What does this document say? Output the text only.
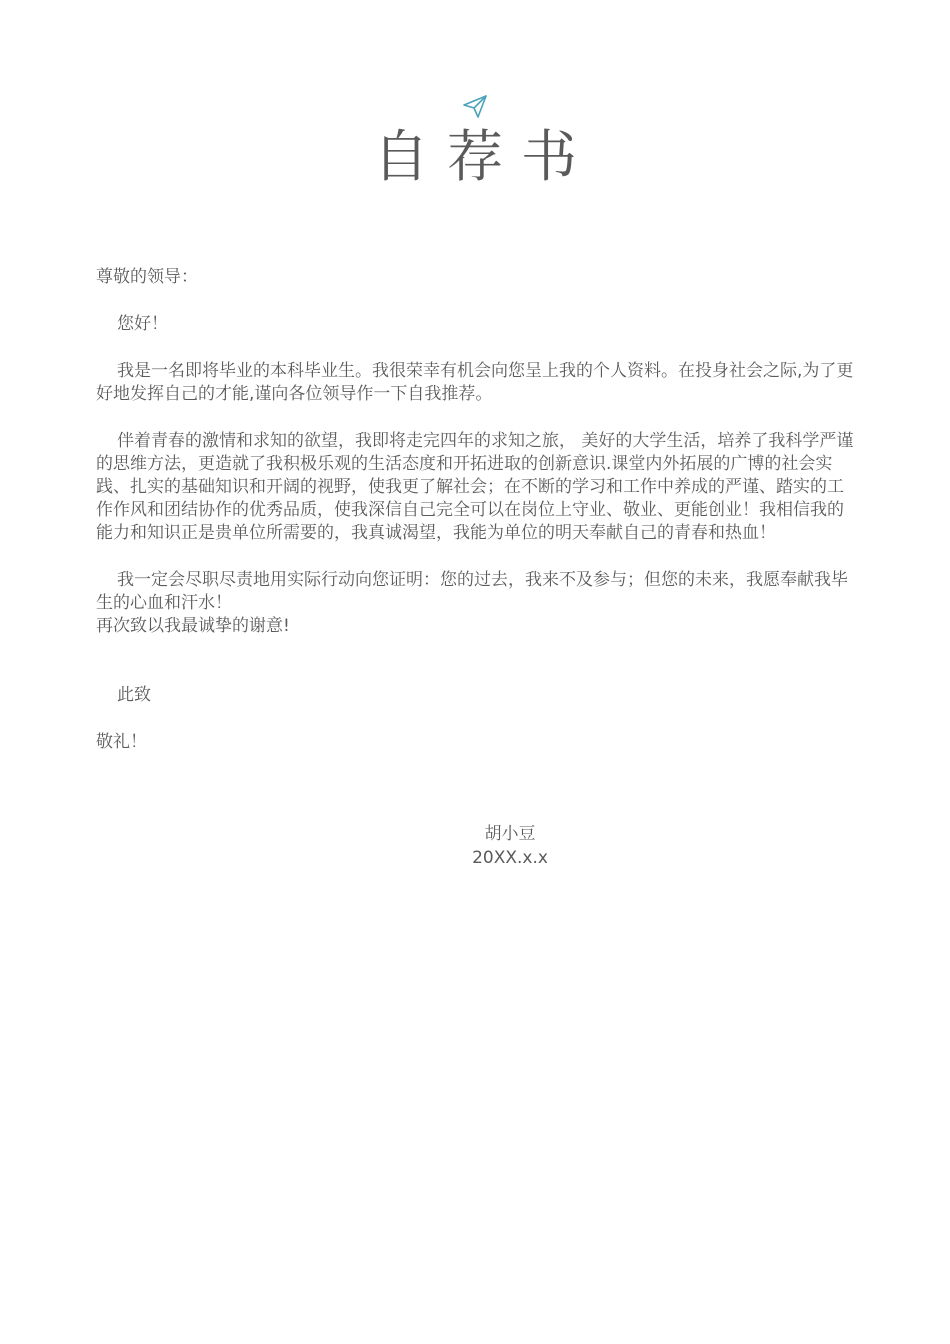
自荐书

尊敬的领导：

您好！

我是一名即将毕业的本科毕业生。我很荣幸有机会向您呈上我的个人资料。在投身社会之际,为了更好地发挥自己的才能,谨向各位领导作一下自我推荐。

伴着青春的激情和求知的欲望，我即将走完四年的求知之旅， 美好的大学生活，培养了我科学严谨的思维方法，更造就了我积极乐观的生活态度和开拓进取的创新意识.课堂内外拓展的广博的社会实践、扎实的基础知识和开阔的视野，使我更了解社会；在不断的学习和工作中养成的严谨、踏实的工作作风和团结协作的优秀品质，使我深信自己完全可以在岗位上守业、敬业、更能创业！我相信我的能力和知识正是贵单位所需要的，我真诚渴望，我能为单位的明天奉献自己的青春和热血！

我一定会尽职尽责地用实际行动向您证明：您的过去，我来不及参与；但您的未来，我愿奉献我毕生的心血和汗水！

再次致以我最诚挚的谢意!

此致

敬礼！

胡小豆
20XX.x.x
